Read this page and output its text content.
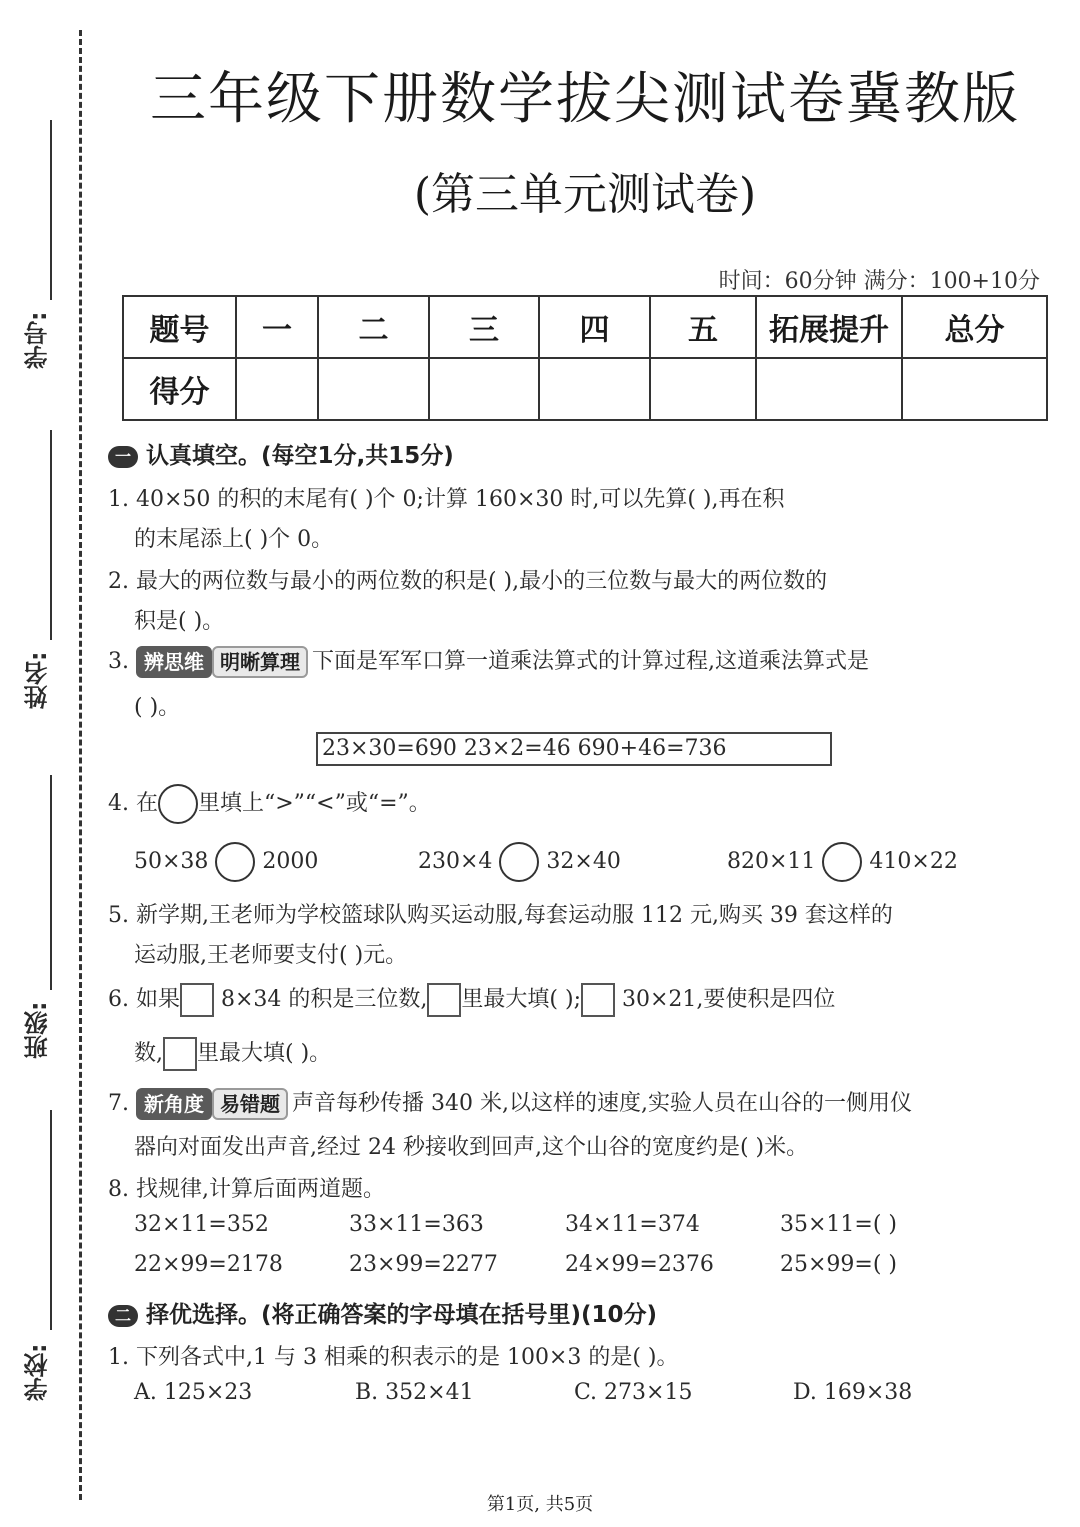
学号:
姓名:
班级:
学校:
三年级下册数学拔尖测试卷冀教版
(第三单元测试卷)
时间：60分钟 满分：100+10分
题号	一	二	三	四	五	拓展提升	总分
得分							
一 认真填空。(每空1分,共15分)
1. 40×50 的积的末尾有( )个 0;计算 160×30 时,可以先算( ),再在积
的末尾添上( )个 0。
2. 最大的两位数与最小的两位数的积是( ),最小的三位数与最大的两位数的
积是( )。
3. 辨思维 明晰算理 下面是军军口算一道乘法算式的计算过程,这道乘法算式是
( )。
23×30=690 23×2=46 690+46=736
4. 在 里填上“>”“<”或“=”。
50×38 2000	230×4 32×40	820×11 410×22
5. 新学期,王老师为学校篮球队购买运动服,每套运动服 112 元,购买 39 套这样的
运动服,王老师要支付( )元。
6. 如果 8×34 的积是三位数, 里最大填( ); 30×21,要使积是四位
数, 里最大填( )。
7. 新角度 易错题 声音每秒传播 340 米,以这样的速度,实验人员在山谷的一侧用仪
器向对面发出声音,经过 24 秒接收到回声,这个山谷的宽度约是( )米。
8. 找规律,计算后面两道题。
32×11=352	33×11=363	34×11=374	35×11=( )
22×99=2178	23×99=2277	24×99=2376	25×99=( )
二 择优选择。(将正确答案的字母填在括号里)(10分)
1. 下列各式中,1 与 3 相乘的积表示的是 100×3 的是( )。
A. 125×23	B. 352×41	C. 273×15	D. 169×38
第1页, 共5页
